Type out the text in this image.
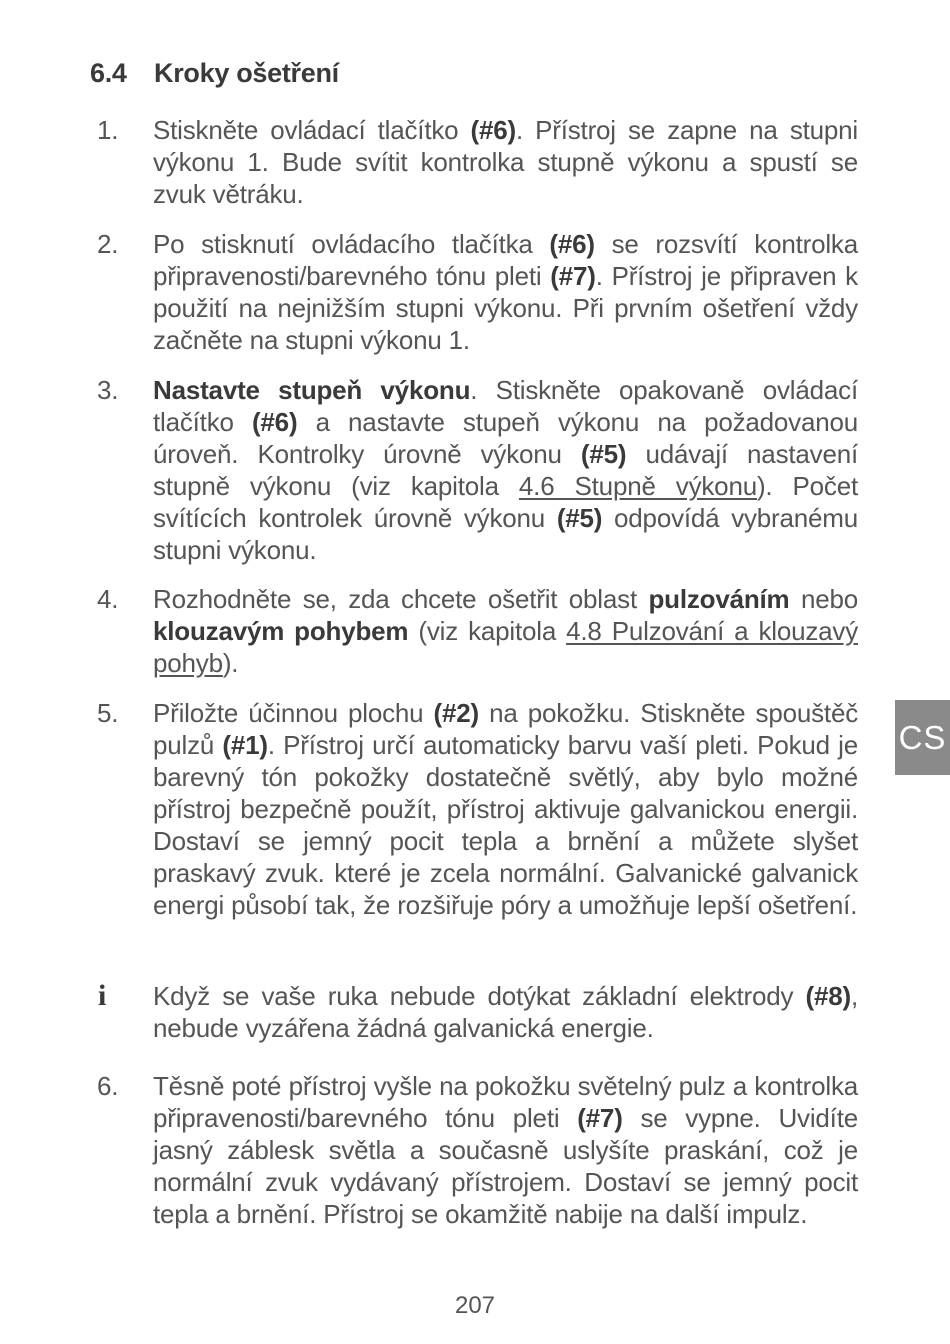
6.4 Kroky ošetření
1.	Stiskněte ovládací tlačítko (#6). Přístroj se zapne na stupni výkonu 1. Bude svítit kontrolka stupně výkonu a spustí se zvuk větráku.
2.	Po stisknutí ovládacího tlačítka (#6) se rozsvítí kontrolka připravenosti/barevného tónu pleti (#7). Přístroj je připraven k použití na nejnižším stupni výkonu. Při prvním ošetření vždy začněte na stupni výkonu 1.
3.	Nastavte stupeň výkonu. Stiskněte opakovaně ovládací tlačítko (#6) a nastavte stupeň výkonu na požadovanou úroveň. Kontrolky úrovně výkonu (#5) udávají nastavení stupně výkonu (viz kapitola 4.6 Stupně výkonu). Počet svítících kontrolek úrovně výkonu (#5) odpovídá vybranému stupni výkonu.
4.	Rozhodněte se, zda chcete ošetřit oblast pulzováním nebo klouzavým pohybem (viz kapitola 4.8 Pulzování a klouzavý pohyb).
5.	Přiložte účinnou plochu (#2) na pokožku. Stiskněte spouštěč pulzů (#1). Přístroj určí automaticky barvu vaší pleti. Pokud je barevný tón pokožky dostatečně světlý, aby bylo možné přístroj bezpečně použít, přístroj aktivuje galvanickou energii. Dostaví se jemný pocit tepla a brnění a můžete slyšet praskavý zvuk. které je zcela normální. Galvanické galvanick energi působí tak, že rozšiřuje póry a umožňuje lepší ošetření.
i Když se vaše ruka nebude dotýkat základní elektrody (#8), nebude vyzářena žádná galvanická energie.
6.	Těsně poté přístroj vyšle na pokožku světelný pulz a kontrolka připravenosti/barevného tónu pleti (#7) se vypne. Uvidíte jasný záblesk světla a současně uslyšíte praskání, což je normální zvuk vydávaný přístrojem. Dostaví se jemný pocit tepla a brnění. Přístroj se okamžitě nabije na další impulz.
CS
207
